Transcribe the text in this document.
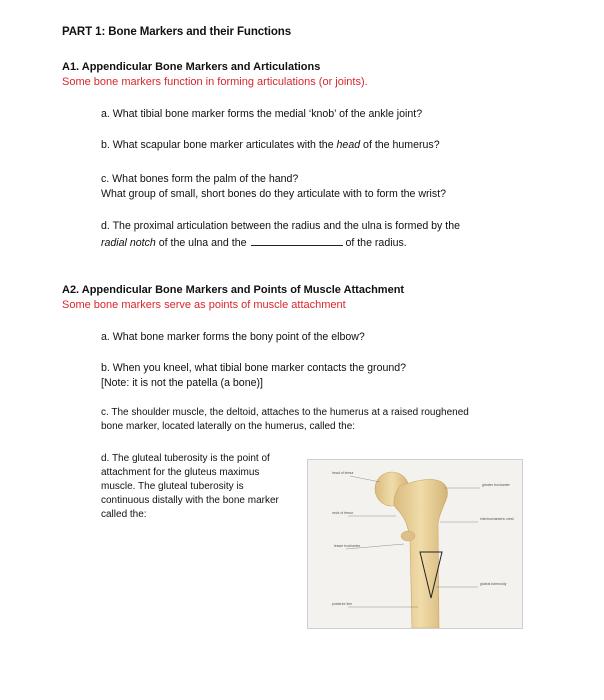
PART 1: Bone Markers and their Functions
A1. Appendicular Bone Markers and Articulations
Some bone markers function in forming articulations (or joints).
a. What tibial bone marker forms the medial ‘knob’ of the ankle joint?
b. What scapular bone marker articulates with the head of the humerus?
c. What bones form the palm of the hand?
What group of small, short bones do they articulate with to form the wrist?
d. The proximal articulation between the radius and the ulna is formed by the
radial notch of the ulna and the	of the radius.
A2. Appendicular Bone Markers and Points of Muscle Attachment
Some bone markers serve as points of muscle attachment
a. What bone marker forms the bony point of the elbow?
b. When you kneel, what tibial bone marker contacts the ground?
[Note: it is not the patella (a bone)]
c. The shoulder muscle, the deltoid, attaches to the humerus at a raised roughened
bone marker, located laterally on the humerus, called the:
d. The gluteal tuberosity is the point of
attachment for the gluteus maximus
muscle. The gluteal tuberosity is
continuous distally with the bone marker
called the:
head of femur
neck of femur
lesser trochanter
posterior line
greater trochanter
intertrochanteric crest
gluteal tuberosity
